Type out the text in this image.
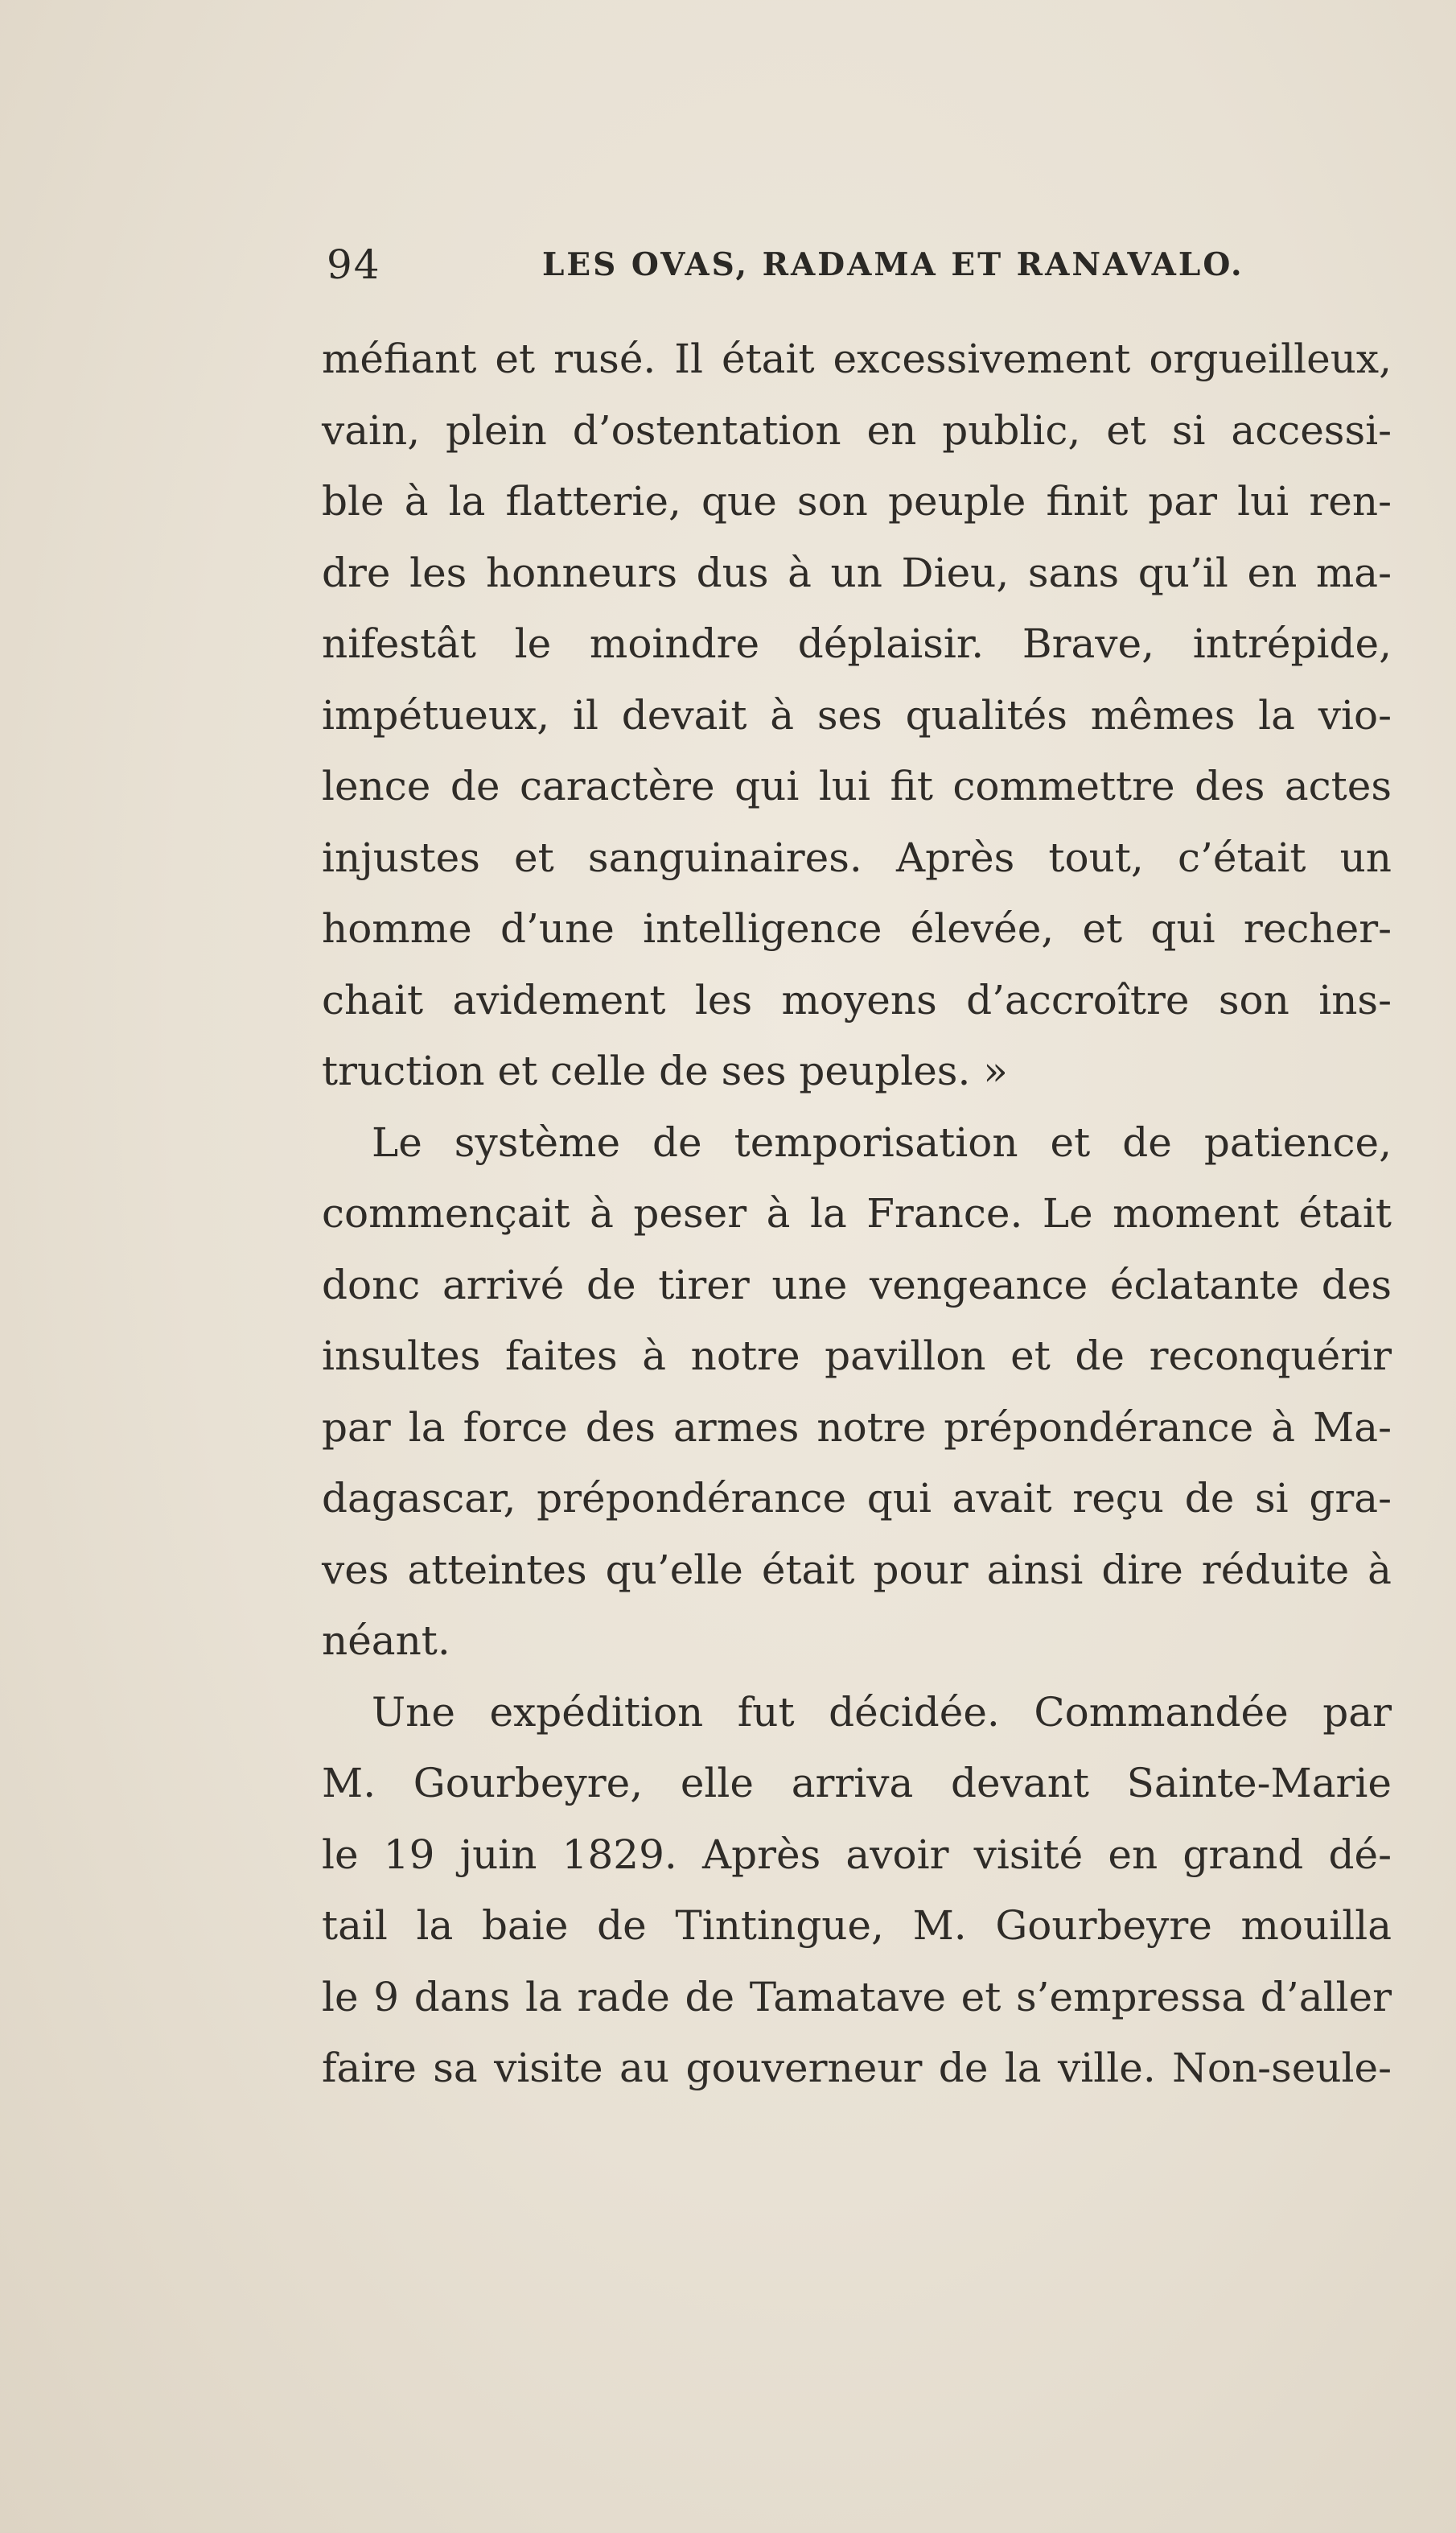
94	LES OVAS, RADAMA ET RANAVALO.
méfiant et rusé. Il était excessivement orgueilleux,
vain, plein d’ostentation en public, et si accessi-
ble à la flatterie, que son peuple finit par lui ren-
dre les honneurs dus à un Dieu, sans qu’il en ma-
nifestât le moindre déplaisir. Brave, intrépide,
impétueux, il devait à ses qualités mêmes la vio-
lence de caractère qui lui fit commettre des actes
injustes et sanguinaires. Après tout, c’était un
homme d’une intelligence élevée, et qui recher-
chait avidement les moyens d’accroître son ins-
truction et celle de ses peuples. »
Le système de temporisation et de patience,
commençait à peser à la France. Le moment était
donc arrivé de tirer une vengeance éclatante des
insultes faites à notre pavillon et de reconquérir
par la force des armes notre prépondérance à Ma-
dagascar, prépondérance qui avait reçu de si gra-
ves atteintes qu’elle était pour ainsi dire réduite à
néant.
Une expédition fut décidée. Commandée par
M. Gourbeyre, elle arriva devant Sainte-Marie
le 19 juin 1829. Après avoir visité en grand dé-
tail la baie de Tintingue, M. Gourbeyre mouilla
le 9 dans la rade de Tamatave et s’empressa d’aller
faire sa visite au gouverneur de la ville. Non-seule-
